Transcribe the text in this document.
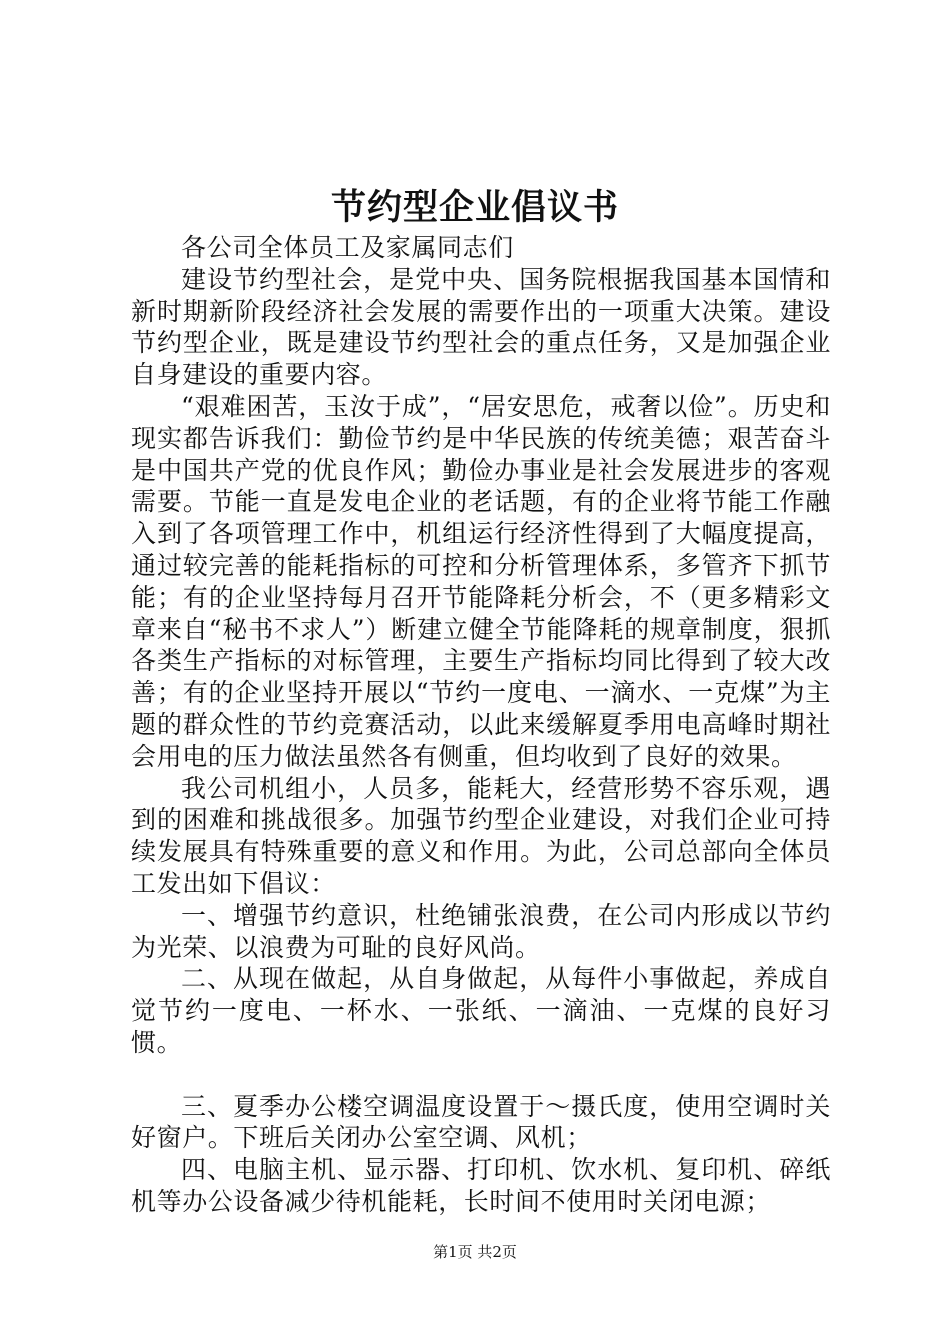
节约型企业倡议书

各公司全体员工及家属同志们

建设节约型社会，是党中央、国务院根据我国基本国情和新时期新阶段经济社会发展的需要作出的一项重大决策。建设节约型企业，既是建设节约型社会的重点任务，又是加强企业自身建设的重要内容。

“艰难困苦，玉汝于成”，“居安思危，戒奢以俭”。历史和现实都告诉我们：勤俭节约是中华民族的传统美德；艰苦奋斗是中国共产党的优良作风；勤俭办事业是社会发展进步的客观需要。节能一直是发电企业的老话题，有的企业将节能工作融入到了各项管理工作中，机组运行经济性得到了大幅度提高，通过较完善的能耗指标的可控和分析管理体系，多管齐下抓节能；有的企业坚持每月召开节能降耗分析会，不（更多精彩文章来自“秘书不求人”）断建立健全节能降耗的规章制度，狠抓各类生产指标的对标管理，主要生产指标均同比得到了较大改善；有的企业坚持开展以“节约一度电、一滴水、一克煤”为主题的群众性的节约竞赛活动，以此来缓解夏季用电高峰时期社会用电的压力做法虽然各有侧重，但均收到了良好的效果。

我公司机组小，人员多，能耗大，经营形势不容乐观，遇到的困难和挑战很多。加强节约型企业建设，对我们企业可持续发展具有特殊重要的意义和作用。为此，公司总部向全体员工发出如下倡议：

一、增强节约意识，杜绝铺张浪费，在公司内形成以节约为光荣、以浪费为可耻的良好风尚。

二、从现在做起，从自身做起，从每件小事做起，养成自觉节约一度电、一杯水、一张纸、一滴油、一克煤的良好习惯。

三、夏季办公楼空调温度设置于～摄氏度，使用空调时关好窗户。下班后关闭办公室空调、风机；

四、电脑主机、显示器、打印机、饮水机、复印机、碎纸机等办公设备减少待机能耗，长时间不使用时关闭电源；

第1页 共2页
